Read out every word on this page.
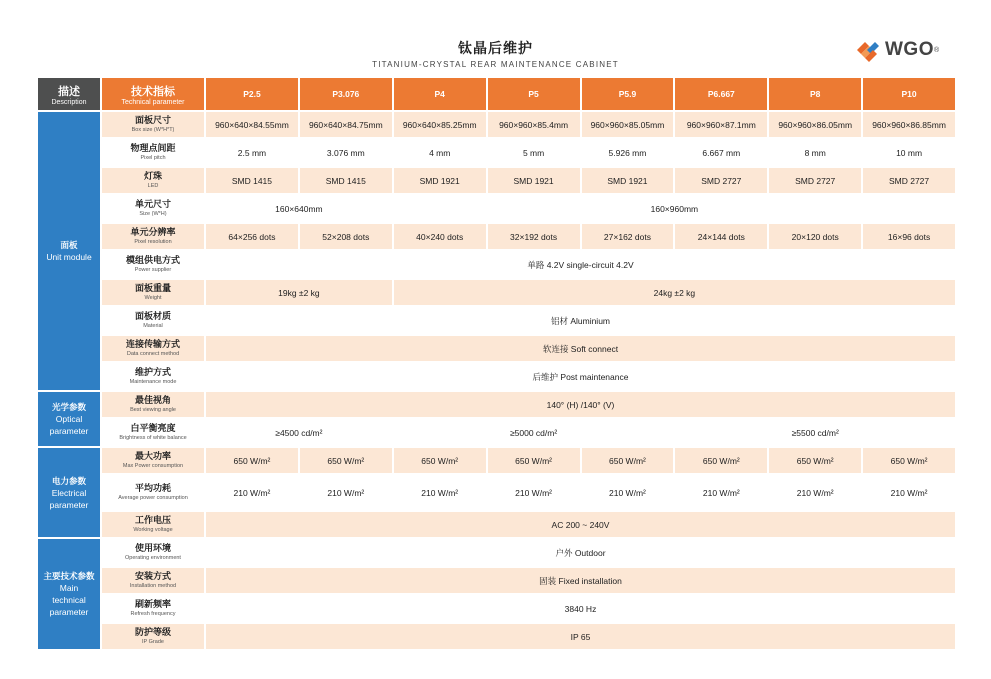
钛晶后维护
TITANIUM-CRYSTAL REAR MAINTENANCE CABINET
WGO ®
描述
Description	技术指标
Technical parameter	P2.5	P3.076	P4	P5	P5.9	P6.667	P8	P10

面板
Unit module	面板尺寸
Box size (W*H*T)	960×640×84.55mm	960×640×84.75mm	960×640×85.25mm	960×960×85.4mm	960×960×85.05mm	960×960×87.1mm	960×960×86.05mm	960×960×86.85mm

	物理点间距
Pixel pitch	2.5 mm	3.076 mm	4 mm	5 mm	5.926 mm	6.667 mm	8 mm	10 mm

	灯珠
LED	SMD 1415	SMD 1415	SMD 1921	SMD 1921	SMD 1921	SMD 2727	SMD 2727	SMD 2727

	单元尺寸
Size (W*H)	160×640mm		160×960mm					

	单元分辨率
Pixel resolution	64×256 dots	52×208 dots	40×240 dots	32×192 dots	27×162 dots	24×144 dots	20×120 dots	16×96 dots

	模组供电方式
Power supplier	单路 4.2V single-circuit 4.2V							

	面板重量
Weight	19kg ±2 kg		24kg ±2 kg					

	面板材质
Material	铝材 Aluminium							

	连接传输方式
Data connect method	软连接 Soft connect							

	维护方式
Maintenance mode	后维护 Post maintenance							

光学参数
Optical
parameter	最佳视角
Best viewing angle	140° (H) /140° (V)							

	白平衡亮度
Brightness of white balance	≥4500 cd/m²		≥5000 cd/m²			≥5500 cd/m²		

电力参数
Electrical
parameter	最大功率
Max Power consumption	650 W/m²	650 W/m²	650 W/m²	650 W/m²	650 W/m²	650 W/m²	650 W/m²	650 W/m²

	平均功耗
Average power consumption	210 W/m²	210 W/m²	210 W/m²	210 W/m²	210 W/m²	210 W/m²	210 W/m²	210 W/m²

	工作电压
Working voltage	AC 200 ~ 240V							

主要技术参数
Main
technical
parameter	使用环境
Operating environment	户外 Outdoor							

	安装方式
Installation method	固装 Fixed installation							

	刷新频率
Refresh frequency	3840 Hz							

	防护等级
IP Grade	IP 65							
